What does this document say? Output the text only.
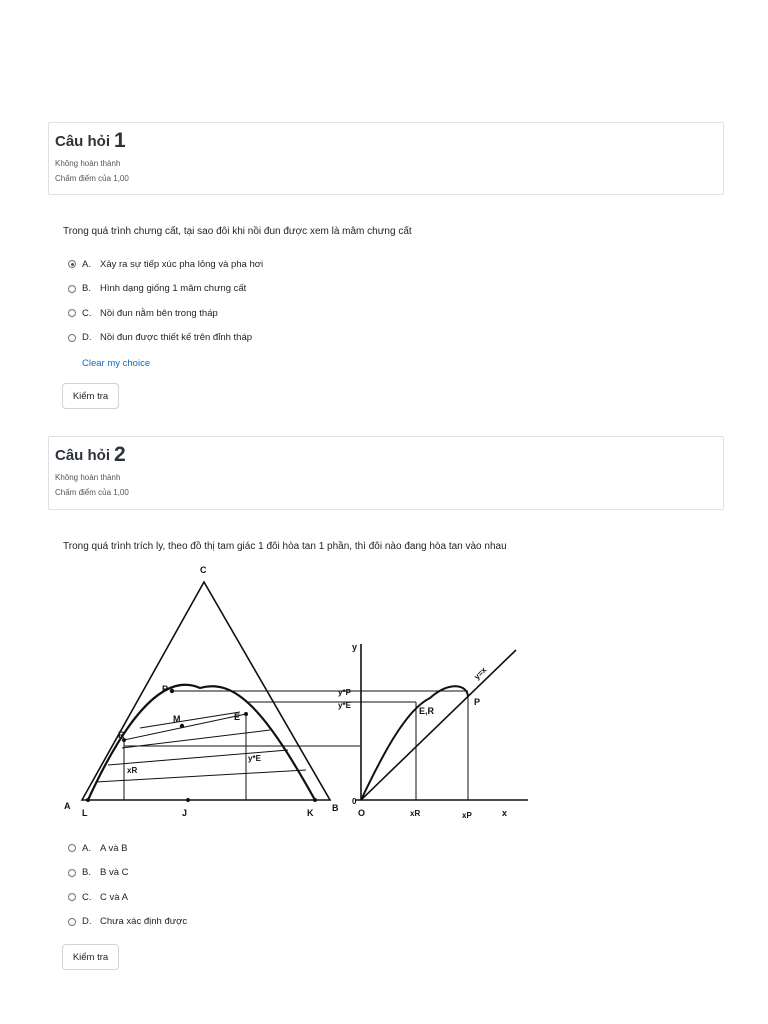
Câu hỏi 1
Không hoàn thành
Chấm điểm của 1,00
Trong quá trình chưng cất, tại sao đôi khi nồi đun được xem là mâm chưng cất
A. Xảy ra sự tiếp xúc pha lỏng và pha hơi
B. Hình dạng giống 1 mâm chưng cất
C. Nồi đun nằm bên trong tháp
D. Nồi đun được thiết kế trên đỉnh tháp
Clear my choice
Kiểm tra
Câu hỏi 2
Không hoàn thành
Chấm điểm của 1,00
Trong quá trình trích ly, theo đồ thị tam giác 1 đôi hòa tan 1 phần, thì đôi nào đang hòa tan vào nhau
C
A	B
L	J	K
P
M	E
R
xR
y*E
y*P
y*E
y
0
O	xR	xP	x
E,R
P
y=x
A. A và B
B. B và C
C. C và A
D. Chưa xác định được
Kiểm tra
